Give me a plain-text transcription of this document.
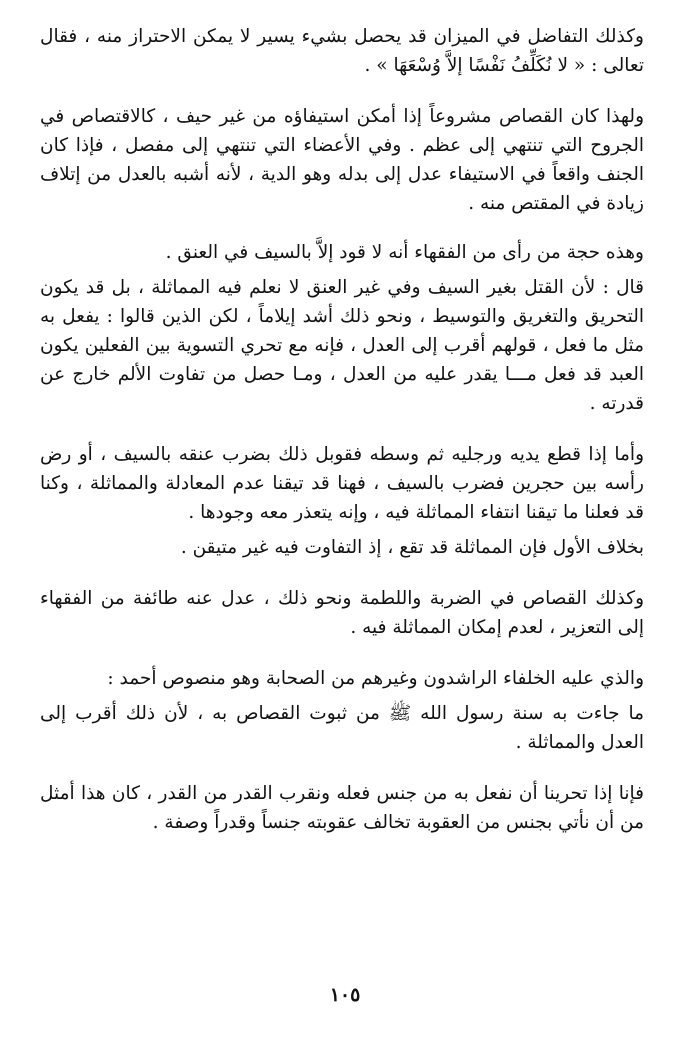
وكذلك التفاضل في الميزان قد يحصل بشيء يسير لا يمكن الاحتراز منه ، فقال تعالى : « لا نُكَلِّفُ نَفْسًا إلاَّ وُسْعَهَا » .

ولهذا كان القصاص مشروعاً إذا أمكن استيفاؤه من غير حيف ، كالاقتصاص في الجروح التي تنتهي إلى عظم . وفي الأعضاء التي تنتهي إلى مفصل ، فإذا كان الجنف واقعاً في الاستيفاء عدل إلى بدله وهو الدية ، لأنه أشبه بالعدل من إتلاف زيادة في المقتص منه .

وهذه حجة من رأى من الفقهاء أنه لا قود إلاَّ بالسيف في العنق .

قال : لأن القتل بغير السيف وفي غير العنق لا نعلم فيه المماثلة ، بل قد يكون التحريق والتغريق والتوسيط ، ونحو ذلك أشد إيلاماً ، لكن الذين قالوا : يفعل به مثل ما فعل ، قولهم أقرب إلى العدل ، فإنه مع تحري التسوية بين الفعلين يكون العبد قد فعل مـــا يقدر عليه من العدل ، ومـا حصل من تفاوت الألم خارج عن قدرته .

وأما إذا قطع يديه ورجليه ثم وسطه فقوبل ذلك بضرب عنقه بالسيف ، أو رض رأسه بين حجرين فضرب بالسيف ، فهنا قد تيقنا عدم المعادلة والمماثلة ، وكنا قد فعلنا ما تيقنا انتفاء المماثلة فيه ، وإنه يتعذر معه وجودها .

بخلاف الأول فإن المماثلة قد تقع ، إذ التفاوت فيه غير متيقن .

وكذلك القصاص في الضربة واللطمة ونحو ذلك ، عدل عنه طائفة من الفقهاء إلى التعزير ، لعدم إمكان المماثلة فيه .

والذي عليه الخلفاء الراشدون وغيرهم من الصحابة وهو منصوص أحمد :

ما جاءت به سنة رسول الله ﷺ من ثبوت القصاص به ، لأن ذلك أقرب إلى العدل والمماثلة .

فإنا إذا تحرينا أن نفعل به من جنس فعله ونقرب القدر من القدر ، كان هذا أمثل من أن نأتي بجنس من العقوبة تخالف عقوبته جنساً وقدراً وصفة .

١٠٥
